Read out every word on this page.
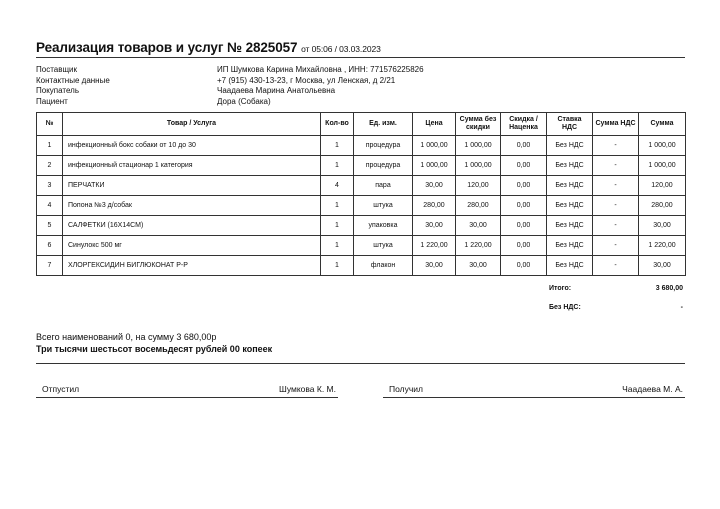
Реализация товаров и услуг № 2825057 от 05:06 / 03.03.2023
Поставщик	ИП Шумкова Карина Михайловна , ИНН: 771576225826
Контактные данные	+7 (915) 430-13-23, г Москва, ул Ленская, д 2/21
Покупатель	Чаадаева Марина Анатольевна
Пациент	Дора (Собака)
№	Товар / Услуга	Кол-во	Ед. изм.	Цена	Сумма без скидки	Скидка / Наценка	Ставка НДС	Сумма НДС	Сумма
1	инфекционный бокс собаки от 10 до 30	1	процедура	1 000,00	1 000,00	0,00	Без НДС	-	1 000,00
2	инфекционный стационар 1 категория	1	процедура	1 000,00	1 000,00	0,00	Без НДС	-	1 000,00
3	ПЕРЧАТКИ	4	пара	30,00	120,00	0,00	Без НДС	-	120,00
4	Попона №3 д/собак	1	штука	280,00	280,00	0,00	Без НДС	-	280,00
5	САЛФЕТКИ (16Х14СМ)	1	упаковка	30,00	30,00	0,00	Без НДС	-	30,00
6	Синулокс 500 мг	1	штука	1 220,00	1 220,00	0,00	Без НДС	-	1 220,00
7	ХЛОРГЕКСИДИН БИГЛЮКОНАТ Р-Р	1	флакон	30,00	30,00	0,00	Без НДС	-	30,00
	Итого:	3 680,00
	Без НДС:	-
Всего наименований 0, на сумму 3 680,00р
Три тысячи шестьсот восемьдесят рублей 00 копеек
Отпустил	Шумкова К. М.	Получил	Чаадаева М. А.
